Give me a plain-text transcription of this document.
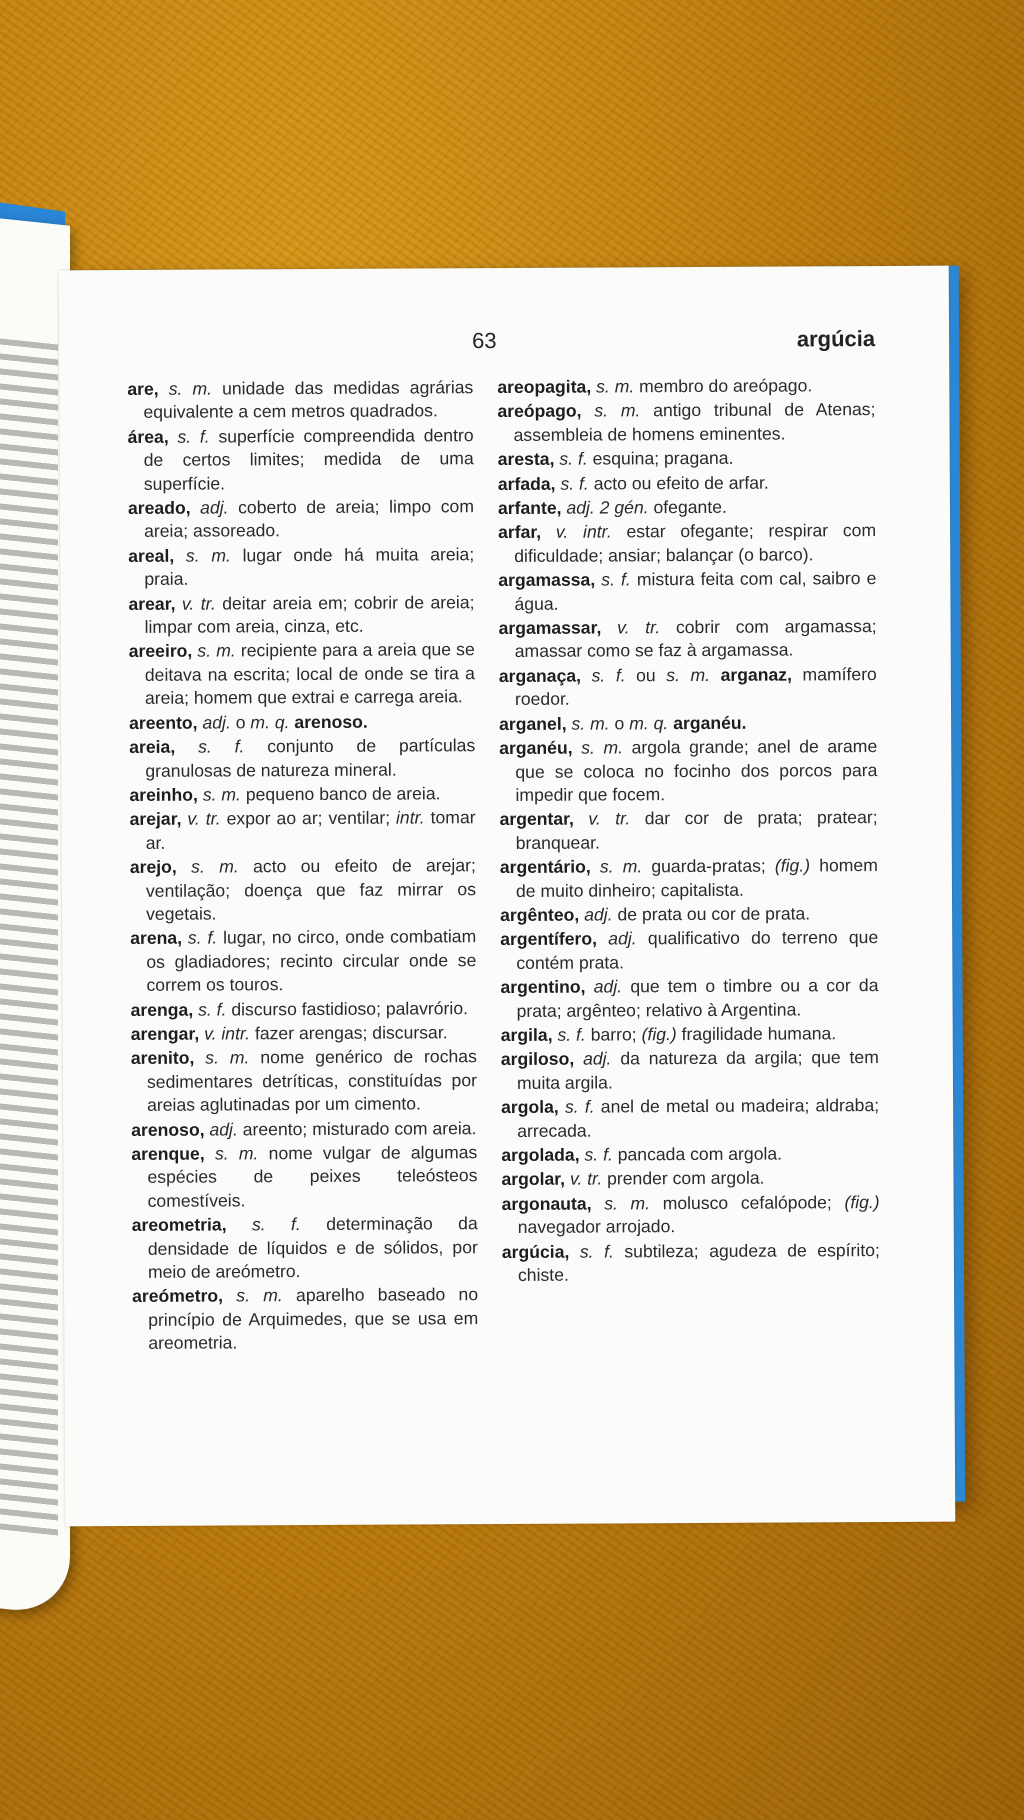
63	argúcia
are, s. m. unidade das medidas agrárias equivalente a cem metros quadrados.
área, s. f. superfície compreendida dentro de certos limites; medida de uma superfície.
areado, adj. coberto de areia; limpo com areia; assoreado.
areal, s. m. lugar onde há muita areia; praia.
arear, v. tr. deitar areia em; cobrir de areia; limpar com areia, cinza, etc.
areeiro, s. m. recipiente para a areia que se deitava na escrita; local de onde se tira a areia; homem que extrai e carrega areia.
areento, adj. o m. q. arenoso.
areia, s. f. conjunto de partículas granulosas de natureza mineral.
areinho, s. m. pequeno banco de areia.
arejar, v. tr. expor ao ar; ventilar; intr. tomar ar.
arejo, s. m. acto ou efeito de arejar; ventilação; doença que faz mirrar os vegetais.
arena, s. f. lugar, no circo, onde combatiam os gladiadores; recinto circular onde se correm os touros.
arenga, s. f. discurso fastidioso; palavrório.
arengar, v. intr. fazer arengas; discursar.
arenito, s. m. nome genérico de rochas sedimentares detríticas, constituídas por areias aglutinadas por um cimento.
arenoso, adj. areento; misturado com areia.
arenque, s. m. nome vulgar de algumas espécies de peixes teleósteos comestíveis.
areometria, s. f. determinação da densidade de líquidos e de sólidos, por meio de areómetro.
areómetro, s. m. aparelho baseado no princípio de Arquimedes, que se usa em areometria.
areopagita, s. m. membro do areópago.
areópago, s. m. antigo tribunal de Atenas; assembleia de homens eminentes.
aresta, s. f. esquina; pragana.
arfada, s. f. acto ou efeito de arfar.
arfante, adj. 2 gén. ofegante.
arfar, v. intr. estar ofegante; respirar com dificuldade; ansiar; balançar (o barco).
argamassa, s. f. mistura feita com cal, saibro e água.
argamassar, v. tr. cobrir com argamassa; amassar como se faz à argamassa.
arganaça, s. f. ou s. m. arganaz, mamífero roedor.
arganel, s. m. o m. q. arganéu.
arganéu, s. m. argola grande; anel de arame que se coloca no focinho dos porcos para impedir que focem.
argentar, v. tr. dar cor de prata; pratear; branquear.
argentário, s. m. guarda-pratas; (fig.) homem de muito dinheiro; capitalista.
argênteo, adj. de prata ou cor de prata.
argentífero, adj. qualificativo do terreno que contém prata.
argentino, adj. que tem o timbre ou a cor da prata; argênteo; relativo à Argentina.
argila, s. f. barro; (fig.) fragilidade humana.
argiloso, adj. da natureza da argila; que tem muita argila.
argola, s. f. anel de metal ou madeira; aldraba; arrecada.
argolada, s. f. pancada com argola.
argolar, v. tr. prender com argola.
argonauta, s. m. molusco cefalópode; (fig.) navegador arrojado.
argúcia, s. f. subtileza; agudeza de espírito; chiste.
